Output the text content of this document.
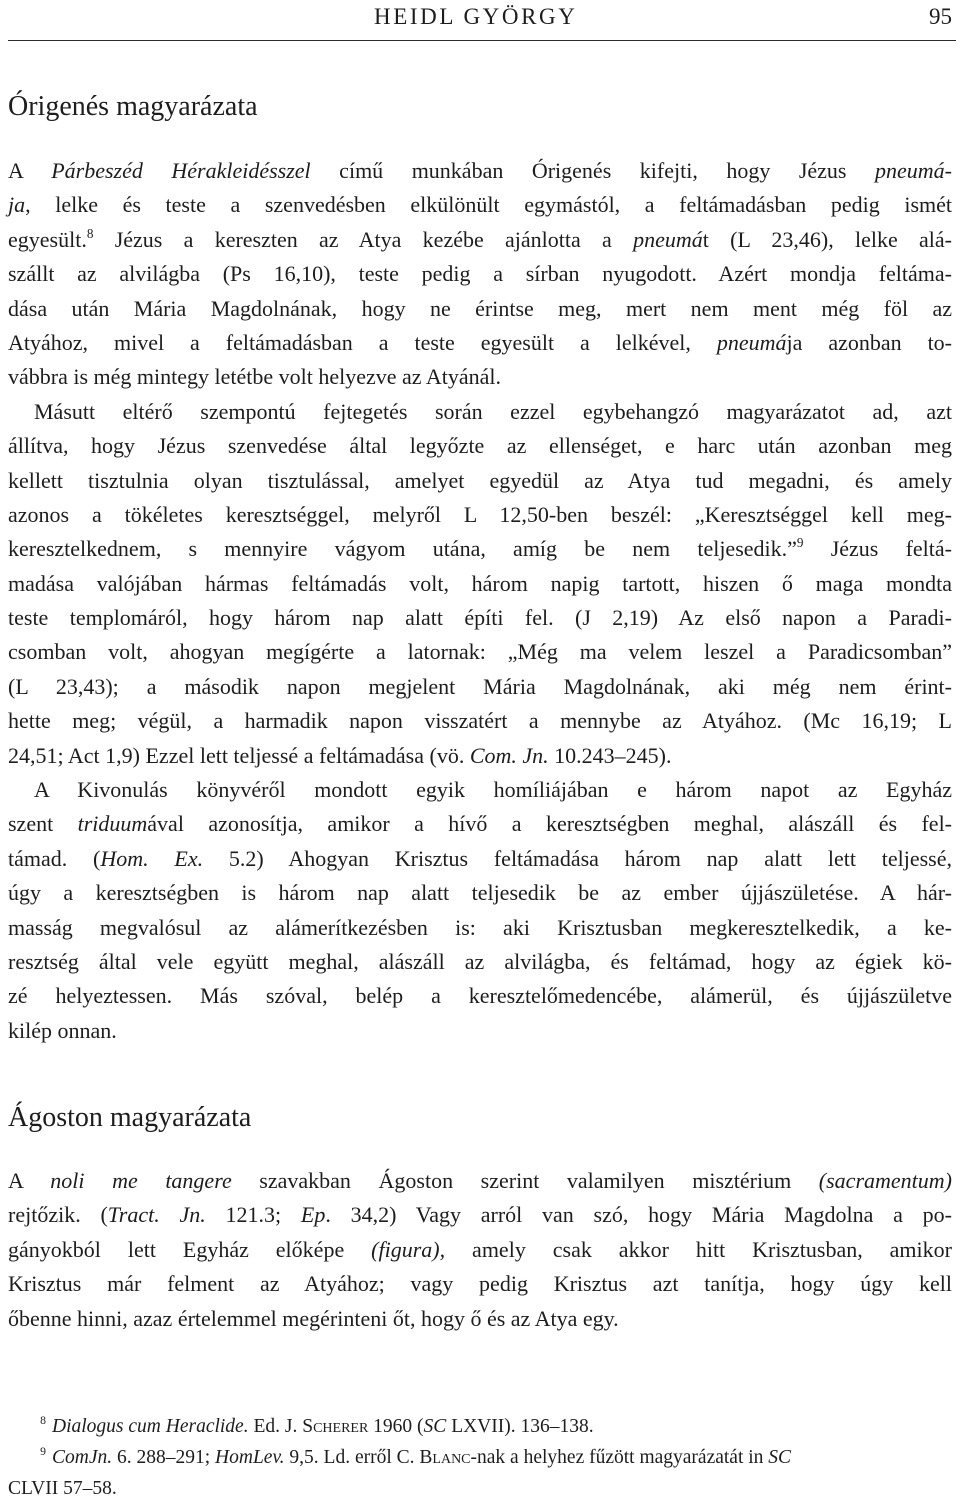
HEIDL GYÖRGY	95
Órigenés magyarázata
A Párbeszéd Hérakleidésszel című munkában Órigenés kifejti, hogy Jézus pneumá-
ja, lelke és teste a szenvedésben elkülönült egymástól, a feltámadásban pedig ismét
egyesült.$^8$ Jézus a kereszten az Atya kezébe ajánlotta a pneumát (L 23,46), lelke alá-
szállt az alvilágba (Ps 16,10), teste pedig a sírban nyugodott. Azért mondja feltáma-
dása után Mária Magdolnának, hogy ne érintse meg, mert nem ment még föl az
Atyához, mivel a feltámadásban a teste egyesült a lelkével, pneumája azonban to-
vábbra is még mintegy letétbe volt helyezve az Atyánál.
Másutt eltérő szempontú fejtegetés során ezzel egybehangzó magyarázatot ad, azt
állítva, hogy Jézus szenvedése által legyőzte az ellenséget, e harc után azonban meg
kellett tisztulnia olyan tisztulással, amelyet egyedül az Atya tud megadni, és amely
azonos a tökéletes keresztséggel, melyről L 12,50-ben beszél: „Keresztséggel kell meg-
keresztelkednem, s mennyire vágyom utána, amíg be nem teljesedik.”$^9$ Jézus feltá-
madása valójában hármas feltámadás volt, három napig tartott, hiszen ő maga mondta
teste templomáról, hogy három nap alatt építi fel. (J 2,19) Az első napon a Paradi-
csomban volt, ahogyan megígérte a latornak: „Még ma velem leszel a Paradicsomban”
(L 23,43); a második napon megjelent Mária Magdolnának, aki még nem érint-
hette meg; végül, a harmadik napon visszatért a mennybe az Atyához. (Mc 16,19; L
24,51; Act 1,9) Ezzel lett teljessé a feltámadása (vö. Com. Jn. 10.243–245).
A Kivonulás könyvéről mondott egyik homíliájában e három napot az Egyház
szent triduumával azonosítja, amikor a hívő a keresztségben meghal, alászáll és fel-
támad. (Hom. Ex. 5.2) Ahogyan Krisztus feltámadása három nap alatt lett teljessé,
úgy a keresztségben is három nap alatt teljesedik be az ember újjászületése. A hár-
masság megvalósul az alámerítkezésben is: aki Krisztusban megkeresztelkedik, a ke-
resztség által vele együtt meghal, alászáll az alvilágba, és feltámad, hogy az égiek kö-
zé helyeztessen. Más szóval, belép a keresztelőmedencébe, alámerül, és újjászületve
kilép onnan.
Ágoston magyarázata
A noli me tangere szavakban Ágoston szerint valamilyen misztérium (sacramentum)
rejtőzik. (Tract. Jn. 121.3; Ep. 34,2) Vagy arról van szó, hogy Mária Magdolna a po-
gányokból lett Egyház előképe (figura), amely csak akkor hitt Krisztusban, amikor
Krisztus már felment az Atyához; vagy pedig Krisztus azt tanítja, hogy úgy kell
őbenne hinni, azaz értelemmel megérinteni őt, hogy ő és az Atya egy.
$^8$ Dialogus cum Heraclide. Ed. J. Scherer 1960 (SC LXVII). 136–138.
$^9$ ComJn. 6. 288–291; HomLev. 9,5. Ld. erről C. Blanc-nak a helyhez fűzött magyarázatát in SC
CLVII 57–58.
